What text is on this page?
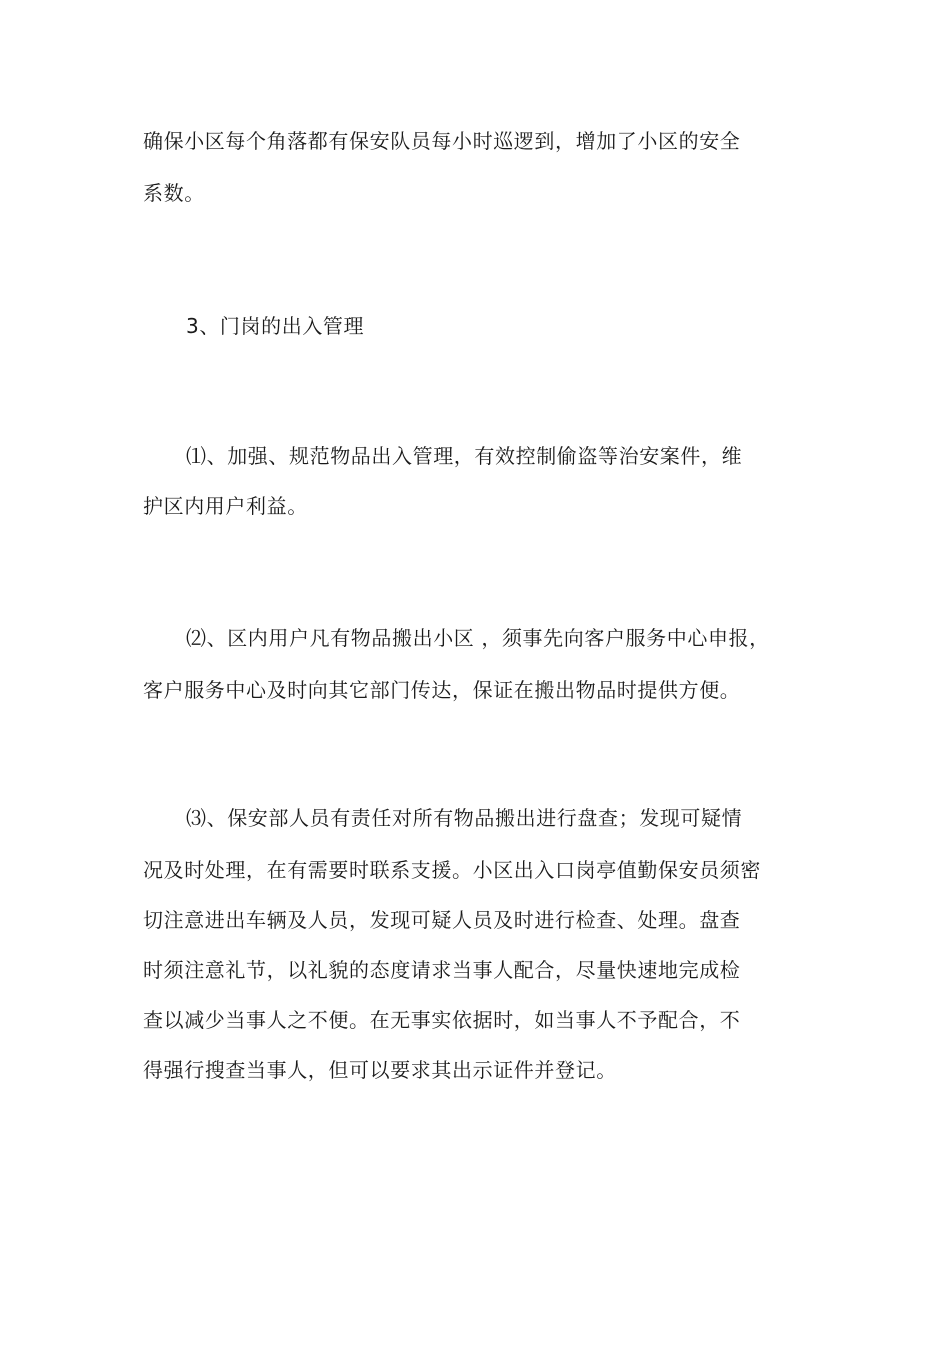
确保小区每个角落都有保安队员每小时巡逻到，增加了小区的安全
系数。
3、门岗的出入管理
⑴、加强、规范物品出入管理，有效控制偷盗等治安案件，维
护区内用户利益。
⑵、区内用户凡有物品搬出小区 ，须事先向客户服务中心申报，
客户服务中心及时向其它部门传达，保证在搬出物品时提供方便。
⑶、保安部人员有责任对所有物品搬出进行盘查；发现可疑情
况及时处理，在有需要时联系支援。小区出入口岗亭值勤保安员须密
切注意进出车辆及人员，发现可疑人员及时进行检查、处理。盘查
时须注意礼节，以礼貌的态度请求当事人配合，尽量快速地完成检
查以减少当事人之不便。在无事实依据时，如当事人不予配合，不
得强行搜查当事人，但可以要求其出示证件并登记。
